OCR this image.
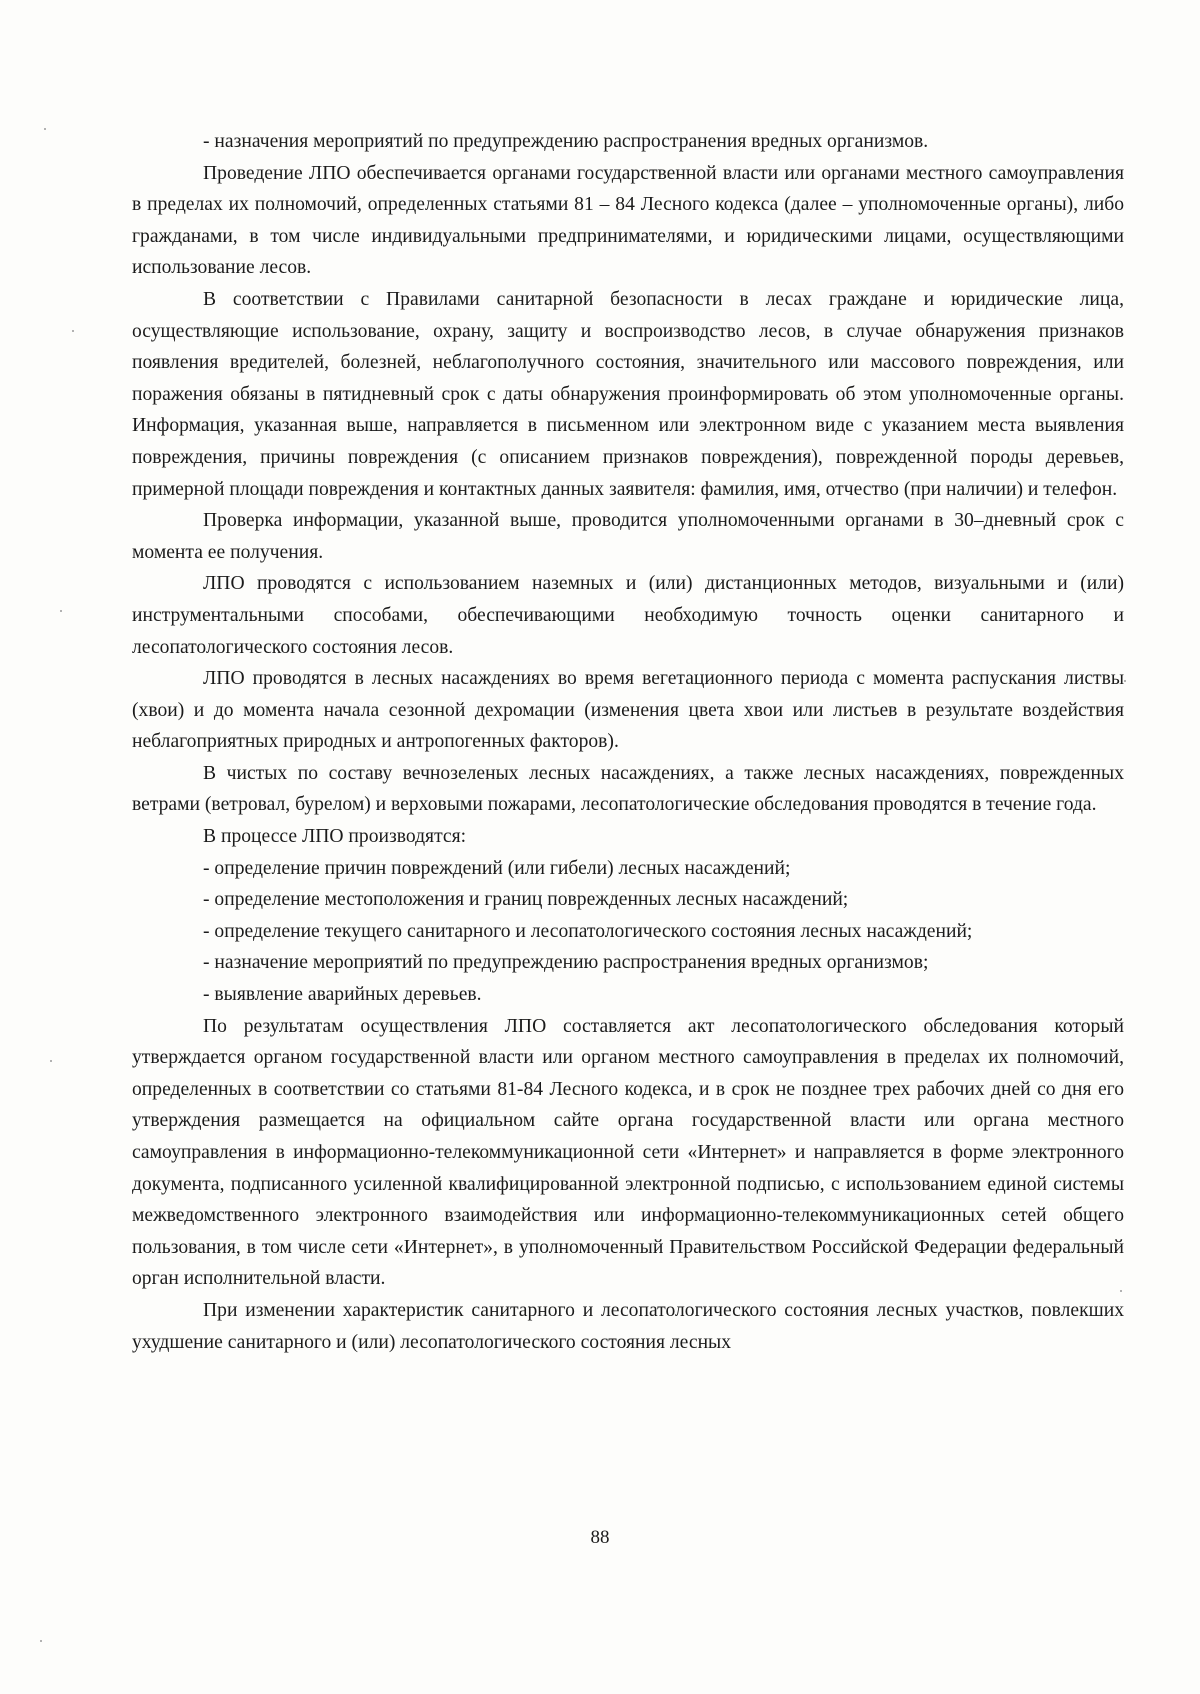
- назначения мероприятий по предупреждению распространения вредных организмов.

Проведение ЛПО обеспечивается органами государственной власти или органами местного самоуправления в пределах их полномочий, определенных статьями 81 – 84 Лесного кодекса (далее – уполномоченные органы), либо гражданами, в том числе индивидуальными предпринимателями, и юридическими лицами, осуществляющими использование лесов.

В соответствии с Правилами санитарной безопасности в лесах граждане и юридические лица, осуществляющие использование, охрану, защиту и воспроизводство лесов, в случае обнаружения признаков появления вредителей, болезней, неблагополучного состояния, значительного или массового повреждения, или поражения обязаны в пятидневный срок с даты обнаружения проинформировать об этом уполномоченные органы. Информация, указанная выше, направляется в письменном или электронном виде с указанием места выявления повреждения, причины повреждения (с описанием признаков повреждения), поврежденной породы деревьев, примерной площади повреждения и контактных данных заявителя: фамилия, имя, отчество (при наличии) и телефон.

Проверка информации, указанной выше, проводится уполномоченными органами в 30–дневный срок с момента ее получения.

ЛПО проводятся с использованием наземных и (или) дистанционных методов, визуальными и (или) инструментальными способами, обеспечивающими необходимую точность оценки санитарного и лесопатологического состояния лесов.

ЛПО проводятся в лесных насаждениях во время вегетационного периода с момента распускания листвы (хвои) и до момента начала сезонной дехромации (изменения цвета хвои или листьев в результате воздействия неблагоприятных природных и антропогенных факторов).

В чистых по составу вечнозеленых лесных насаждениях, а также лесных насаждениях, поврежденных ветрами (ветровал, бурелом) и верховыми пожарами, лесопатологические обследования проводятся в течение года.

В процессе ЛПО производятся:

- определение причин повреждений (или гибели) лесных насаждений;

- определение местоположения и границ поврежденных лесных насаждений;

- определение текущего санитарного и лесопатологического состояния лесных насаждений;

- назначение мероприятий по предупреждению распространения вредных организмов;

- выявление аварийных деревьев.

По результатам осуществления ЛПО составляется акт лесопатологического обследования который утверждается органом государственной власти или органом местного самоуправления в пределах их полномочий, определенных в соответствии со статьями 81-84 Лесного кодекса, и в срок не позднее трех рабочих дней со дня его утверждения размещается на официальном сайте органа государственной власти или органа местного самоуправления в информационно-телекоммуникационной сети «Интернет» и направляется в форме электронного документа, подписанного усиленной квалифицированной электронной подписью, с использованием единой системы межведомственного электронного взаимодействия или информационно-телекоммуникационных сетей общего пользования, в том числе сети «Интернет», в уполномоченный Правительством Российской Федерации федеральный орган исполнительной власти.

При изменении характеристик санитарного и лесопатологического состояния лесных участков, повлекших ухудшение санитарного и (или) лесопатологического состояния лесных

88
